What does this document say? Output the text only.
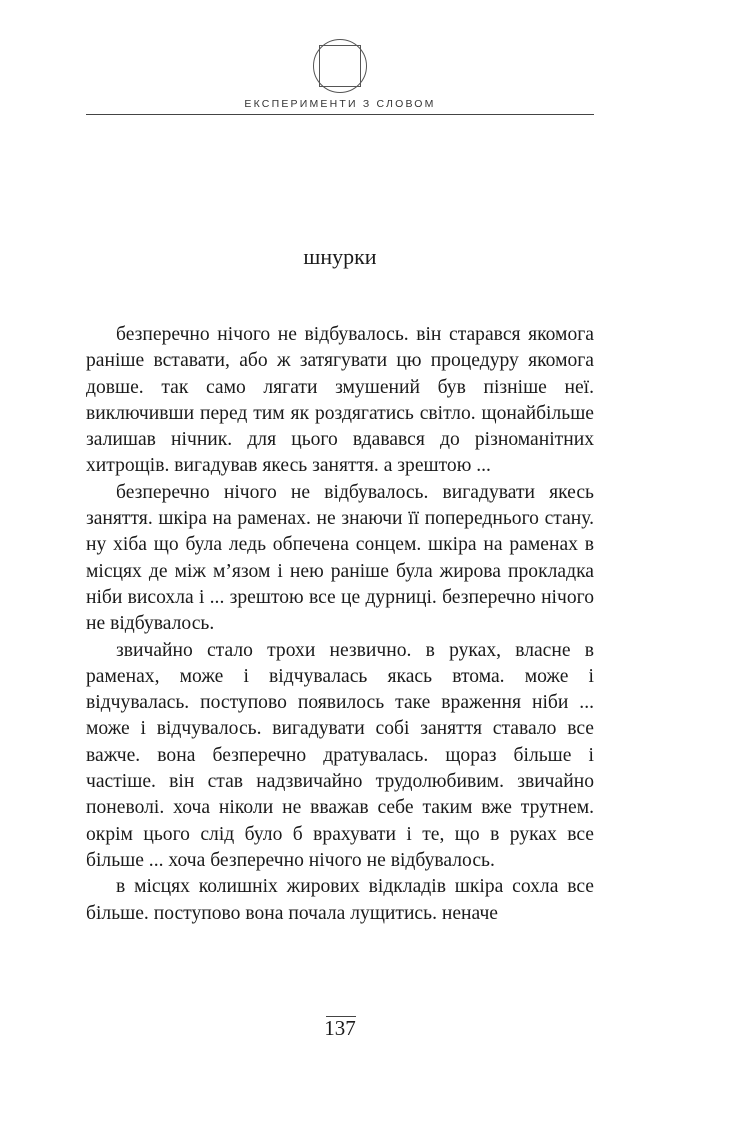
ЕКСПЕРИМЕНТИ З СЛОВОМ
шнурки

безперечно нічого не відбувалось. він старався якомога раніше вставати, або ж затягувати цю процедуру якомога довше. так само лягати змушений був пізніше неї. виключивши перед тим як роздягатись світло. щонайбільше залишав нічник. для цього вдавався до різноманітних хитрощів. вигадував якесь заняття. а зрештою ...

безперечно нічого не відбувалось. вигадувати якесь заняття. шкіра на раменах. не знаючи її попереднього стану. ну хіба що була ледь обпечена сонцем. шкіра на раменах в місцях де між м’язом і нею раніше була жирова прокладка ніби висохла і ... зрештою все це дурниці. безперечно нічого не відбувалось.

звичайно стало трохи незвично. в руках, власне в раменах, може і відчувалась якась втома. може і відчувалась. поступово появилось таке враження ніби ... може і відчувалось. вигадувати собі заняття ставало все важче. вона безперечно дратувалась. щораз більше і частіше. він став надзвичайно трудолюбивим. звичайно поневолі. хоча ніколи не вважав себе таким вже трутнем. окрім цього слід було б врахувати і те, що в руках все більше ... хоча безперечно нічого не відбувалось.

в місцях колишніх жирових відкладів шкіра сохла все більше. поступово вона почала лущитись. неначе

137
